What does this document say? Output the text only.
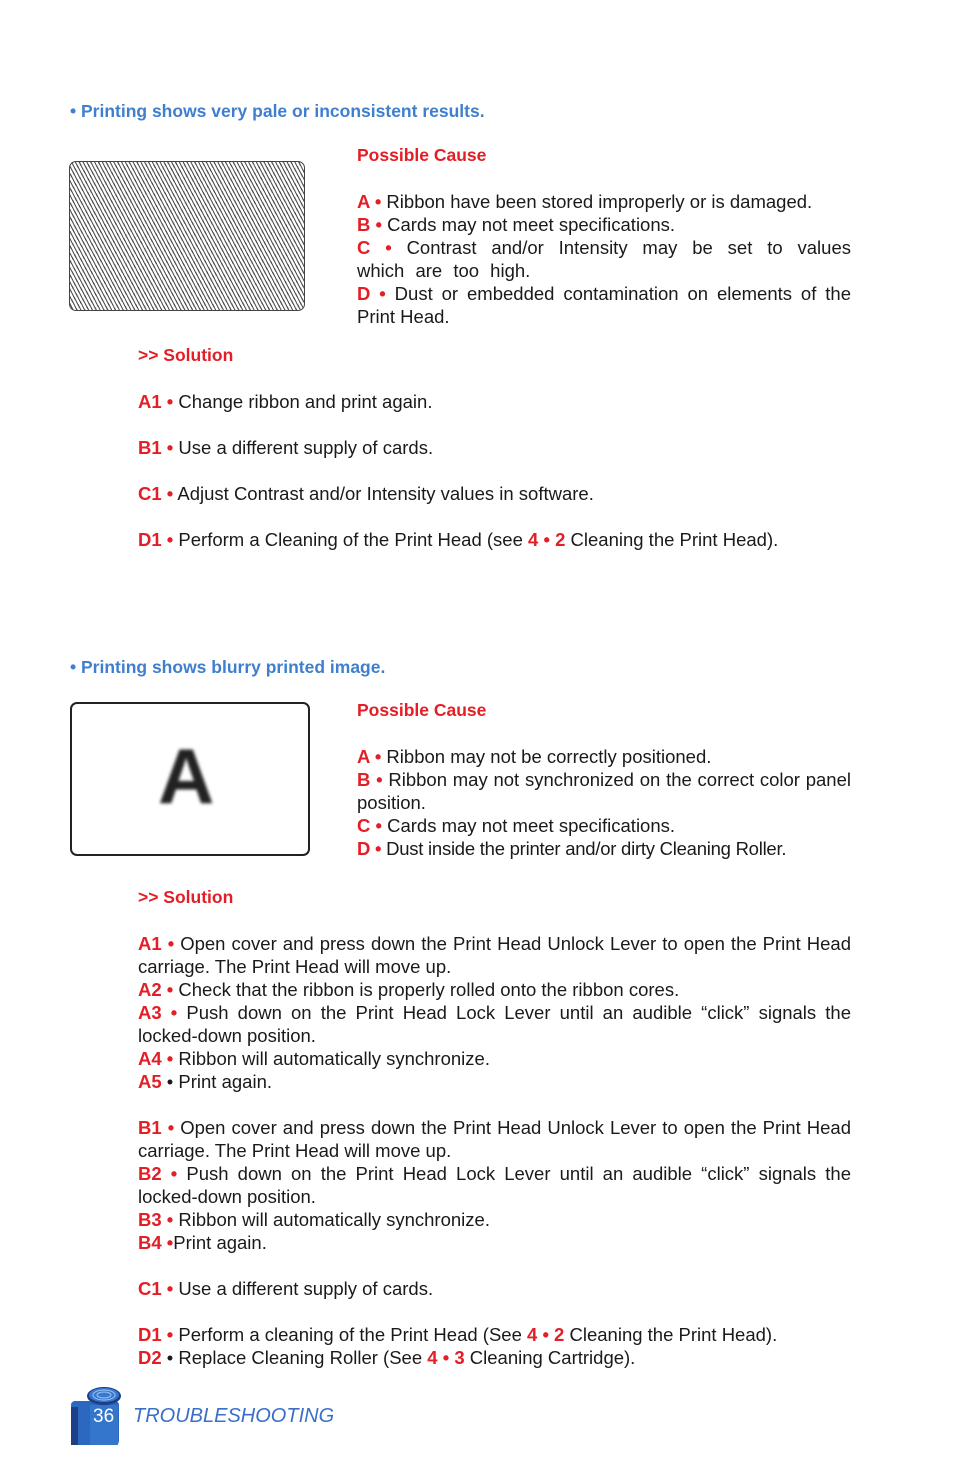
• Printing shows very pale or inconsistent results.

Possible Cause

A • Ribbon have been stored improperly or is damaged.

B • Cards may not meet specifications.

C • Contrast and/or Intensity may be set to values which are too high.

D • Dust or embedded contamination on elements of the Print Head.

>> Solution

A1 • Change ribbon and print again.

B1 • Use a different supply of cards.

C1 • Adjust Contrast and/or Intensity values in software.

D1 • Perform a Cleaning of the Print Head (see 4 • 2 Cleaning the Print Head).

• Printing shows blurry printed image.
A

Possible Cause

A • Ribbon may not be correctly positioned.

B • Ribbon may not synchronized on the correct color panel position.

C • Cards may not meet specifications.

D • Dust inside the printer and/or dirty Cleaning Roller.

>> Solution

A1 • Open cover and press down the Print Head Unlock Lever to open the Print Head carriage. The Print Head will move up.

A2 • Check that the ribbon is properly rolled onto the ribbon cores.

A3 • Push down on the Print Head Lock Lever until an audible “click” signals the locked-down position.

A4 • Ribbon will automatically synchronize.

A5 • Print again.

B1 • Open cover and press down the Print Head Unlock Lever to open the Print Head carriage. The Print Head will move up.

B2 • Push down on the Print Head Lock Lever until an audible “click” signals the locked-down position.

B3 • Ribbon will automatically synchronize.

B4 •Print again.

C1 • Use a different supply of cards.

D1 • Perform a cleaning of the Print Head (See 4 • 2 Cleaning the Print Head).

D2 • Replace Cleaning Roller (See 4 • 3 Cleaning Cartridge).

36 TROUBLESHOOTING
